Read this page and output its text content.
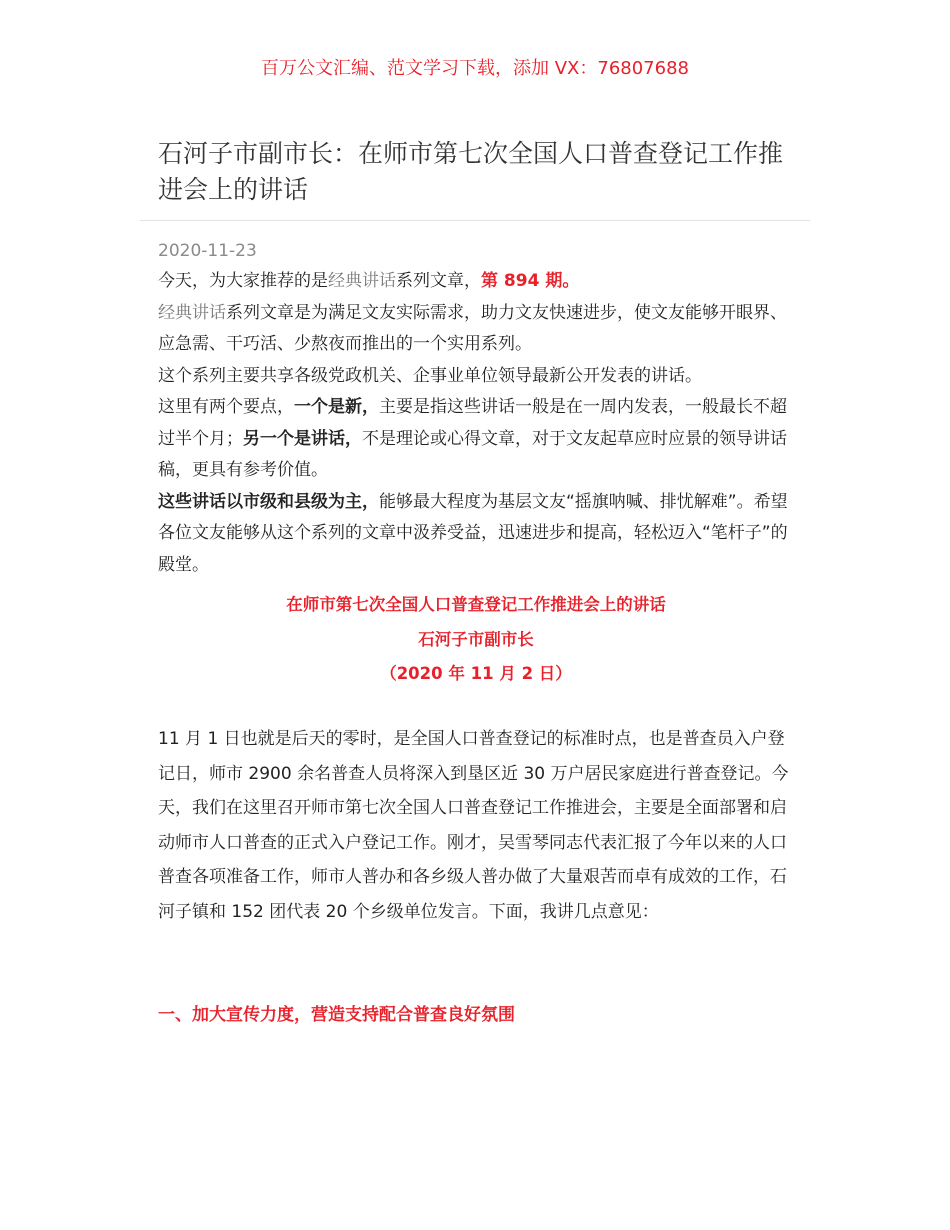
百万公文汇编、范文学习下载，添加 VX：76807688
石河子市副市长：在师市第七次全国人口普查登记工作推进会上的讲话
2020-11-23

今天，为大家推荐的是经典讲话系列文章，第 894 期。

经典讲话系列文章是为满足文友实际需求，助力文友快速进步，使文友能够开眼界、应急需、干巧活、少熬夜而推出的一个实用系列。

这个系列主要共享各级党政机关、企事业单位领导最新公开发表的讲话。

这里有两个要点，一个是新，主要是指这些讲话一般是在一周内发表，一般最长不超过半个月；另一个是讲话，不是理论或心得文章，对于文友起草应时应景的领导讲话稿，更具有参考价值。

这些讲话以市级和县级为主，能够最大程度为基层文友“摇旗呐喊、排忧解难”。希望各位文友能够从这个系列的文章中汲养受益，迅速进步和提高，轻松迈入“笔杆子”的殿堂。

在师市第七次全国人口普查登记工作推进会上的讲话
石河子市副市长
（2020 年 11 月 2 日）

11 月 1 日也就是后天的零时，是全国人口普查登记的标准时点，也是普查员入户登记日，师市 2900 余名普查人员将深入到垦区近 30 万户居民家庭进行普查登记。今天，我们在这里召开师市第七次全国人口普查登记工作推进会，主要是全面部署和启动师市人口普查的正式入户登记工作。刚才，吴雪琴同志代表汇报了今年以来的人口普查各项准备工作，师市人普办和各乡级人普办做了大量艰苦而卓有成效的工作，石河子镇和 152 团代表 20 个乡级单位发言。下面，我讲几点意见：

一、加大宣传力度，营造支持配合普查良好氛围
